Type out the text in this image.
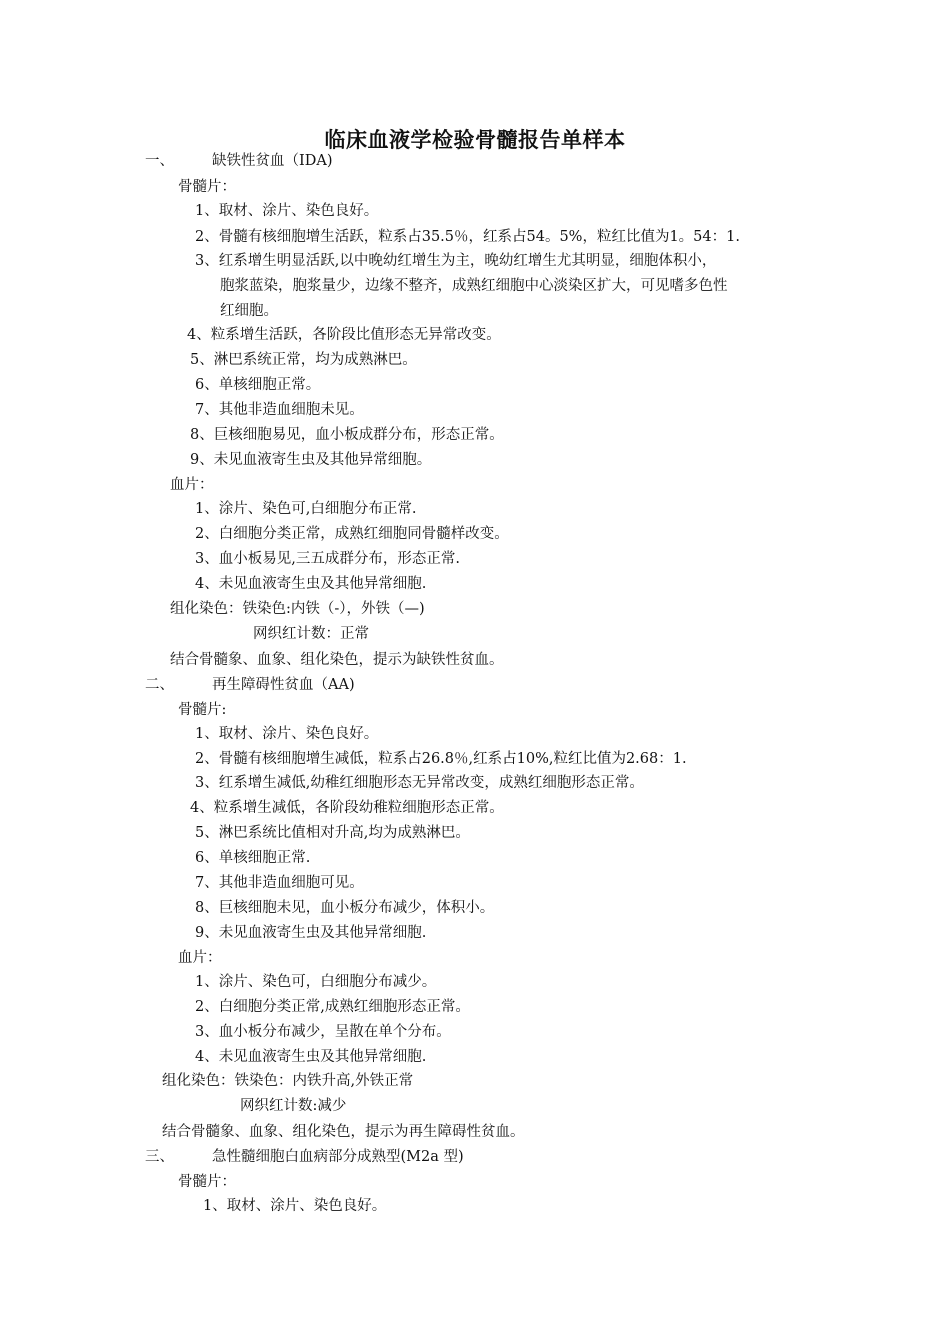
临床血液学检验骨髓报告单样本
一、	缺铁性贫血（IDA)
骨髓片：
1、取材、涂片、染色良好。
2、骨髓有核细胞增生活跃，粒系占35.5％，红系占54。5%，粒红比值为1。54：1.
3、红系增生明显活跃,以中晚幼红增生为主，晚幼红增生尤其明显，细胞体积小，
胞浆蓝染，胞浆量少，边缘不整齐，成熟红细胞中心淡染区扩大，可见嗜多色性
红细胞。
4、粒系增生活跃，各阶段比值形态无异常改变。
5、淋巴系统正常，均为成熟淋巴。
6、单核细胞正常。
7、其他非造血细胞未见。
8、巨核细胞易见，血小板成群分布，形态正常。
9、未见血液寄生虫及其他异常细胞。
血片：
1、涂片、染色可,白细胞分布正常.
2、白细胞分类正常，成熟红细胞同骨髓样改变。
3、血小板易见,三五成群分布，形态正常.
4、未见血液寄生虫及其他异常细胞.
组化染色：铁染色:内铁（-），外铁（—)
网织红计数：正常
结合骨髓象、血象、组化染色，提示为缺铁性贫血。
二、	再生障碍性贫血（AA)
骨髓片:
1、取材、涂片、染色良好。
2、骨髓有核细胞增生减低，粒系占26.8％,红系占10%,粒红比值为2.68：1.
3、红系增生减低,幼稚红细胞形态无异常改变，成熟红细胞形态正常。
4、粒系增生减低，各阶段幼稚粒细胞形态正常。
5、淋巴系统比值相对升高,均为成熟淋巴。
6、单核细胞正常.
7、其他非造血细胞可见。
8、巨核细胞未见，血小板分布减少，体积小。
9、未见血液寄生虫及其他异常细胞.
血片：
1、涂片、染色可，白细胞分布减少。
2、白细胞分类正常,成熟红细胞形态正常。
3、血小板分布减少，呈散在单个分布。
4、未见血液寄生虫及其他异常细胞.
组化染色：铁染色：内铁升高,外铁正常
网织红计数:减少
结合骨髓象、血象、组化染色，提示为再生障碍性贫血。
三、	急性髓细胞白血病部分成熟型(M2a 型)
骨髓片：
1、取材、涂片、染色良好。
